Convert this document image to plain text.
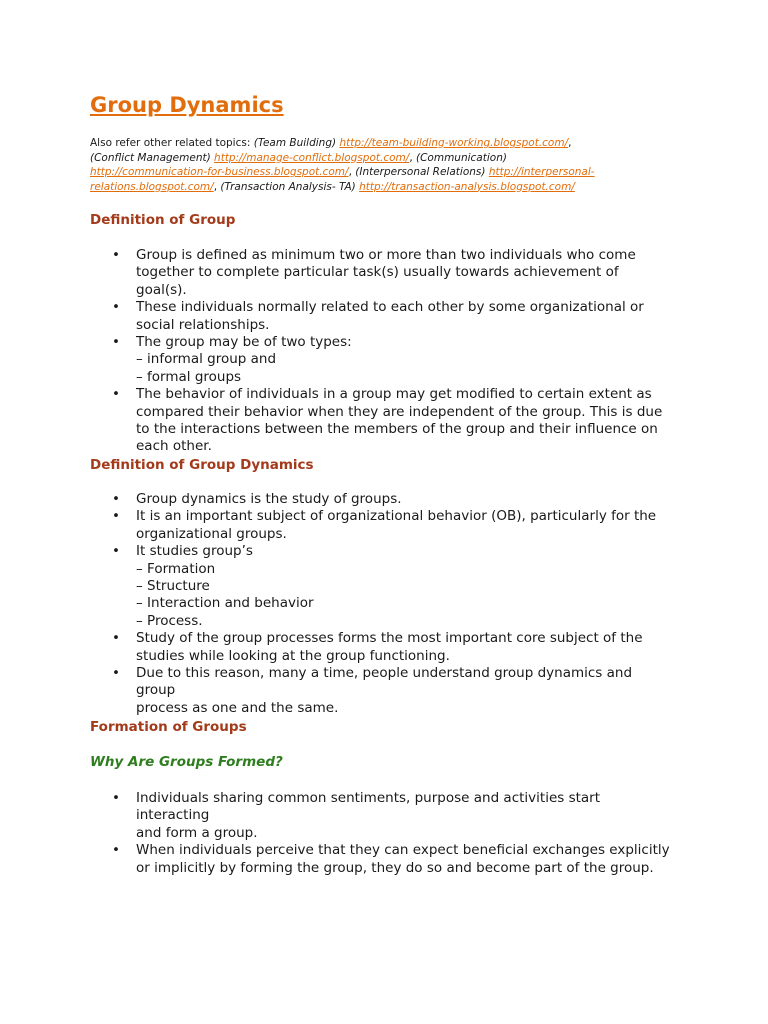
Group Dynamics
Also refer other related topics: (Team Building) http://team-building-working.blogspot.com/,
(Conflict Management) http://manage-conflict.blogspot.com/, (Communication)
http://communication-for-business.blogspot.com/, (Interpersonal Relations) http://interpersonal-
relations.blogspot.com/, (Transaction Analysis- TA) http://transaction-analysis.blogspot.com/
Definition of Group
•	Group is defined as minimum two or more than two individuals who come
together to complete particular task(s) usually towards achievement of goal(s).
•	These individuals normally related to each other by some organizational or
social relationships.
•	The group may be of two types:
– informal group and
– formal groups
•	The behavior of individuals in a group may get modified to certain extent as
compared their behavior when they are independent of the group. This is due
to the interactions between the members of the group and their influence on
each other.
Definition of Group Dynamics
•	Group dynamics is the study of groups.
•	It is an important subject of organizational behavior (OB), particularly for the
organizational groups.
•	It studies group’s
– Formation
– Structure
– Interaction and behavior
– Process.
•	Study of the group processes forms the most important core subject of the
studies while looking at the group functioning.
•	Due to this reason, many a time, people understand group dynamics and group
process as one and the same.
Formation of Groups
Why Are Groups Formed?
•	Individuals sharing common sentiments, purpose and activities start interacting
and form a group.
•	When individuals perceive that they can expect beneficial exchanges explicitly
or implicitly by forming the group, they do so and become part of the group.
